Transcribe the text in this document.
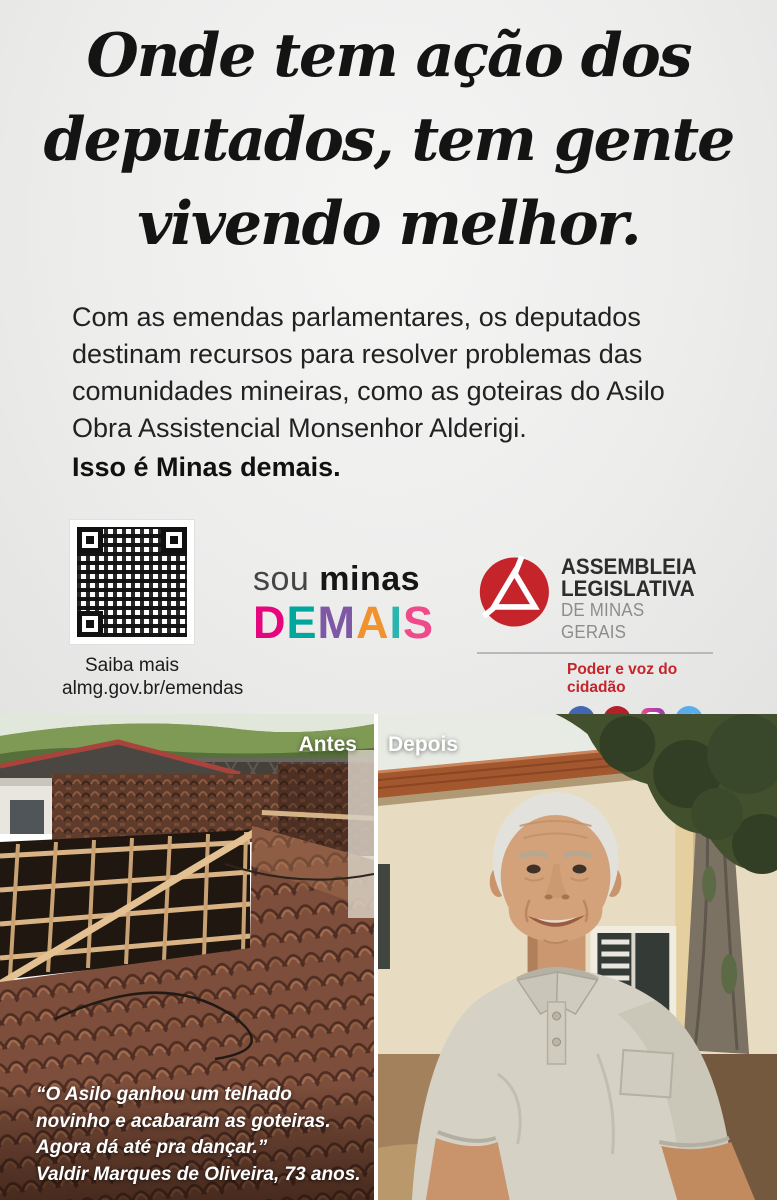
Onde tem ação dos
deputados, tem gente
vivendo melhor.
Com as emendas parlamentares, os deputados
destinam recursos para resolver problemas das
comunidades mineiras, como as goteiras do Asilo
Obra Assistencial Monsenhor Alderigi.
Isso é Minas demais.
Saiba mais
almg.gov.br/emendas
sou minas
D E M A I S
ASSEMBLEIA
LEGISLATIVA
DE MINAS GERAIS
Poder e voz do cidadão
Antes
“O Asilo ganhou um telhado
novinho e acabaram as goteiras.
Agora dá até pra dançar.”
Valdir Marques de Oliveira, 73 anos.
Depois
